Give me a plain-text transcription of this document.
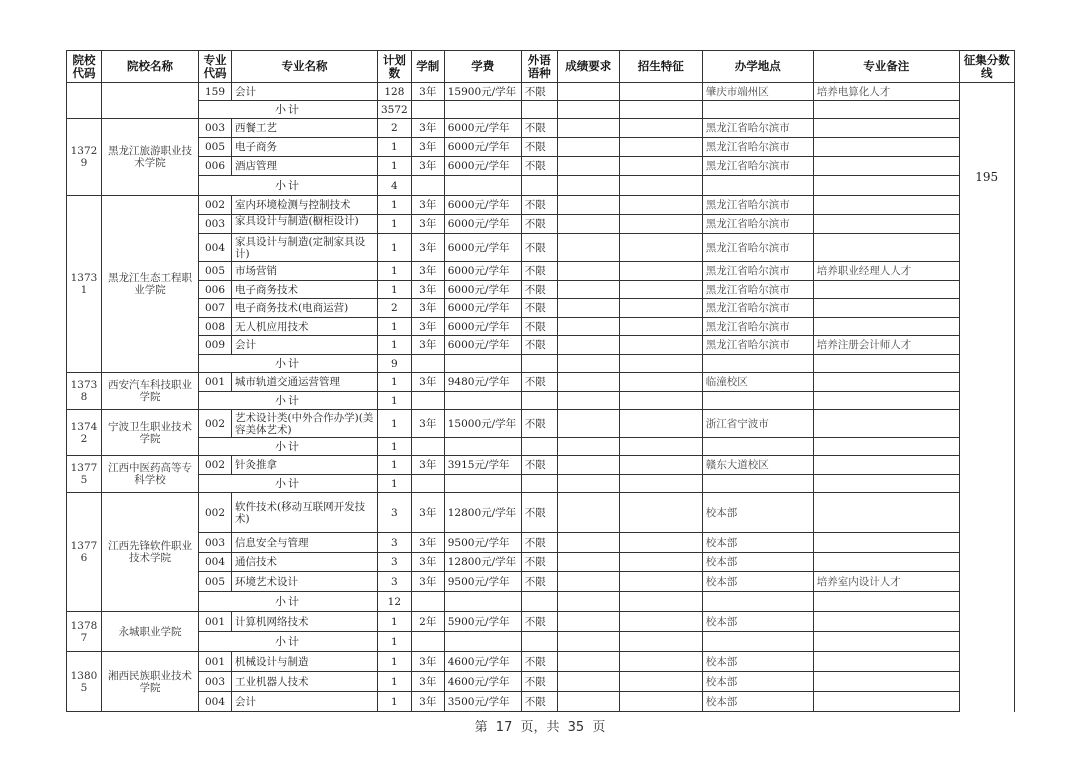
院校代码	院校名称	专业代码	专业名称	计划数	学制	学费	外语语种	成绩要求	招生特征	办学地点	专业备注	征集分数线
		159	会计	128	3年	15900元/学年	不限			肇庆市端州区	培养电算化人才	195
		小计		3572								
13729	黑龙江旅游职业技术学院	003	西餐工艺	2	3年	6000元/学年	不限			黑龙江省哈尔滨市		
		005	电子商务	1	3年	6000元/学年	不限			黑龙江省哈尔滨市		
		006	酒店管理	1	3年	6000元/学年	不限			黑龙江省哈尔滨市		
		小计		4								
13731	黑龙江生态工程职业学院	002	室内环境检测与控制技术	1	3年	6000元/学年	不限			黑龙江省哈尔滨市		
		003	家具设计与制造(橱柜设计)	1	3年	6000元/学年	不限			黑龙江省哈尔滨市		
		004	家具设计与制造(定制家具设计)	1	3年	6000元/学年	不限			黑龙江省哈尔滨市		
		005	市场营销	1	3年	6000元/学年	不限			黑龙江省哈尔滨市	培养职业经理人人才	
		006	电子商务技术	1	3年	6000元/学年	不限			黑龙江省哈尔滨市		
		007	电子商务技术(电商运营)	2	3年	6000元/学年	不限			黑龙江省哈尔滨市		
		008	无人机应用技术	1	3年	6000元/学年	不限			黑龙江省哈尔滨市		
		009	会计	1	3年	6000元/学年	不限			黑龙江省哈尔滨市	培养注册会计师人才	
		小计		9								
13738	西安汽车科技职业学院	001	城市轨道交通运营管理	1	3年	9480元/学年	不限			临潼校区		
		小计		1								
13742	宁波卫生职业技术学院	002	艺术设计类(中外合作办学)(美容美体艺术)	1	3年	15000元/学年	不限			浙江省宁波市		
		小计		1								
13775	江西中医药高等专科学校	002	针灸推拿	1	3年	3915元/学年	不限			赣东大道校区		
		小计		1								
13776	江西先锋软件职业技术学院	002	软件技术(移动互联网开发技术)	3	3年	12800元/学年	不限			校本部		
		003	信息安全与管理	3	3年	9500元/学年	不限			校本部		
		004	通信技术	3	3年	12800元/学年	不限			校本部		
		005	环境艺术设计	3	3年	9500元/学年	不限			校本部	培养室内设计人才	
		小计		12								
13787	永城职业学院	001	计算机网络技术	1	2年	5900元/学年	不限			校本部		
		小计		1								
13805	湘西民族职业技术学院	001	机械设计与制造	1	3年	4600元/学年	不限			校本部		
		003	工业机器人技术	1	3年	4600元/学年	不限			校本部		
		004	会计	1	3年	3500元/学年	不限			校本部		
第 17 页，共 35 页
